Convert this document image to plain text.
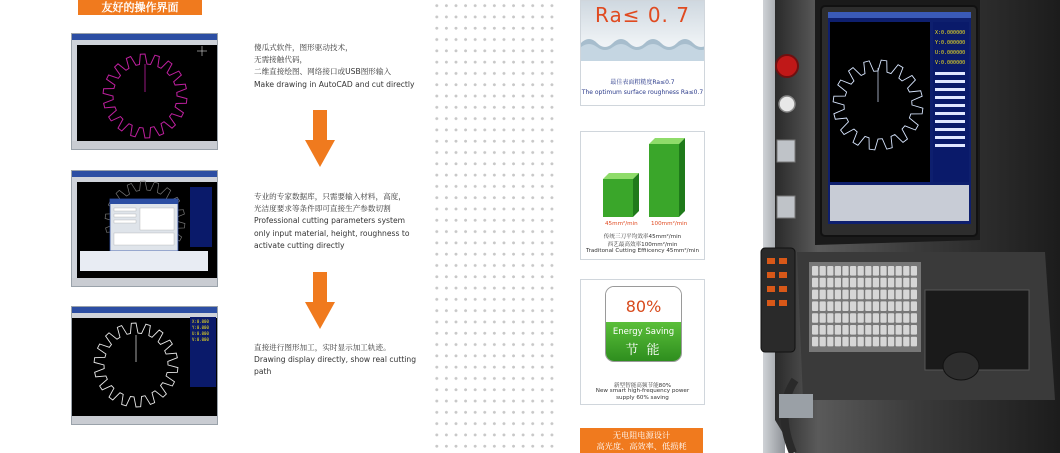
友好的操作界面
X:0.000
Y:0.000
U:0.000
V:0.000
傻瓜式软件，图形驱动技术，
无需接触代码，
二维直接绘图、网络接口或USB图形输入
Make drawing in AutoCAD and cut directly
专业的专家数据库，只需要输入材料，高度，
光洁度要求等条件即可直接生产参数切割
Professional cutting parameters system
only input material, height, roughness to
activate cutting directly
直接进行图形加工，实时显示加工轨迹。
Drawing display directly, show real cutting
path
Ra≤ 0. 7
最佳表面粗糙度Ra≤0.7
The optimum surface roughness Ra≤0.7
45mm²/min 100mm²/min
传统三刀平均效率45mm²/min
西艺最高效率100mm²/min
Traditonal Cutting Effiicency 45mm²/min
80%
Energy Saving
节 能
新型智能高频节能80%
New smart high-frequency power
supply 60% saving
无电阻电源设计
高光度、高效率、低损耗
X:0.000000
Y:0.000000
U:0.000000
V:0.000000
